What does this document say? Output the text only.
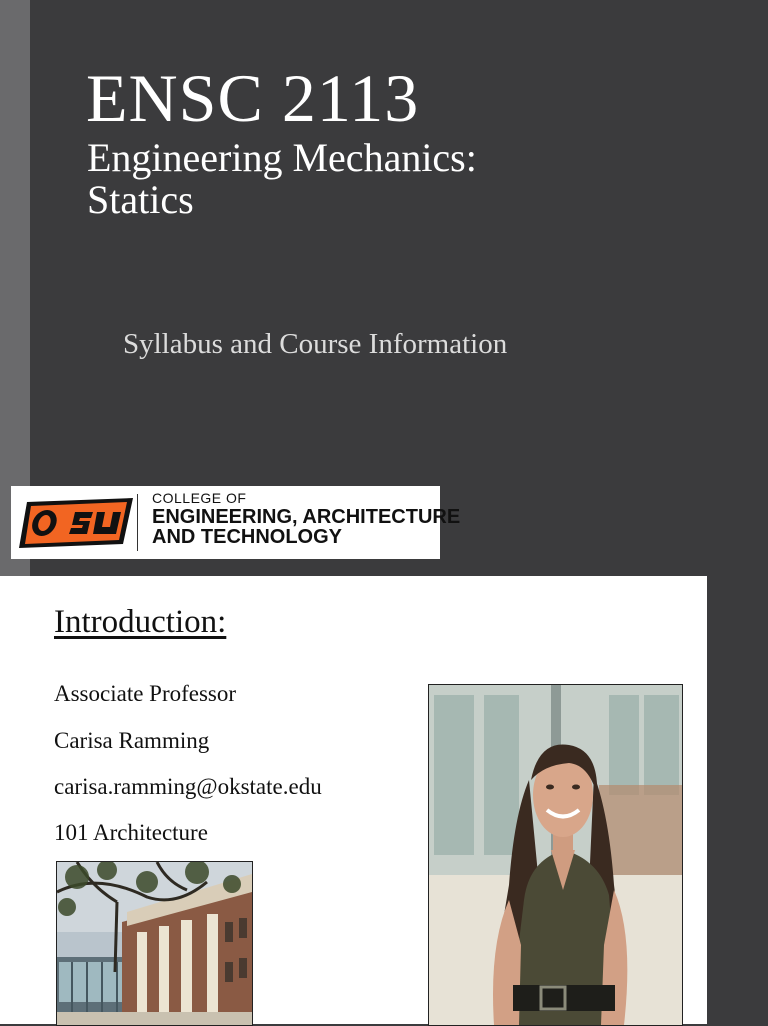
ENSC 2113
Engineering Mechanics:
Statics

Syllabus and Course Information

COLLEGE OF
ENGINEERING, ARCHITECTURE
AND TECHNOLOGY
Introduction:
Associate Professor
Carisa Ramming
carisa.ramming@okstate.edu
101 Architecture
